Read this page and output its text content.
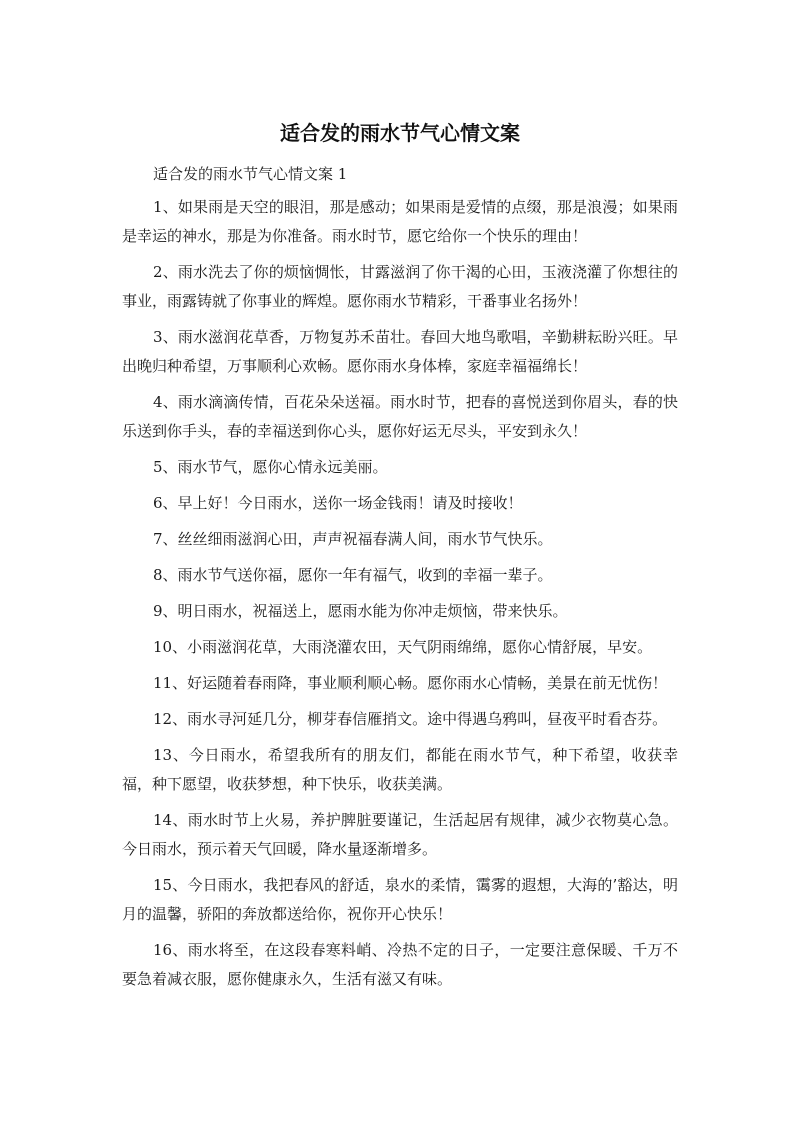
适合发的雨水节气心情文案
适合发的雨水节气心情文案 1

1、如果雨是天空的眼泪，那是感动；如果雨是爱情的点缀，那是浪漫；如果雨是幸运的神水，那是为你准备。雨水时节，愿它给你一个快乐的理由！

2、雨水洗去了你的烦恼惆怅，甘露滋润了你干渴的心田，玉液浇灌了你想往的事业，雨露铸就了你事业的辉煌。愿你雨水节精彩，干番事业名扬外！

3、雨水滋润花草香，万物复苏禾苗壮。春回大地鸟歌唱，辛勤耕耘盼兴旺。早出晚归种希望，万事顺利心欢畅。愿你雨水身体棒，家庭幸福福绵长！

4、雨水滴滴传情，百花朵朵送福。雨水时节，把春的喜悦送到你眉头，春的快乐送到你手头，春的幸福送到你心头，愿你好运无尽头，平安到永久！

5、雨水节气，愿你心情永远美丽。

6、早上好！今日雨水，送你一场金钱雨！请及时接收！

7、丝丝细雨滋润心田，声声祝福春满人间，雨水节气快乐。

8、雨水节气送你福，愿你一年有福气，收到的幸福一辈子。

9、明日雨水，祝福送上，愿雨水能为你冲走烦恼，带来快乐。

10、小雨滋润花草，大雨浇灌农田，天气阴雨绵绵，愿你心情舒展，早安。

11、好运随着春雨降，事业顺利顺心畅。愿你雨水心情畅，美景在前无忧伤！

12、雨水寻河延几分，柳芽春信雁捎文。途中得遇乌鸦叫，昼夜平时看杏芬。

13、今日雨水，希望我所有的朋友们，都能在雨水节气，种下希望，收获幸福，种下愿望，收获梦想，种下快乐，收获美满。

14、雨水时节上火易，养护脾脏要谨记，生活起居有规律，减少衣物莫心急。今日雨水，预示着天气回暖，降水量逐渐增多。

15、今日雨水，我把春风的舒适，泉水的柔情，霭雾的遐想，大海的’豁达，明月的温馨，骄阳的奔放都送给你，祝你开心快乐！

16、雨水将至，在这段春寒料峭、冷热不定的日子，一定要注意保暖、千万不要急着减衣服，愿你健康永久，生活有滋又有味。
